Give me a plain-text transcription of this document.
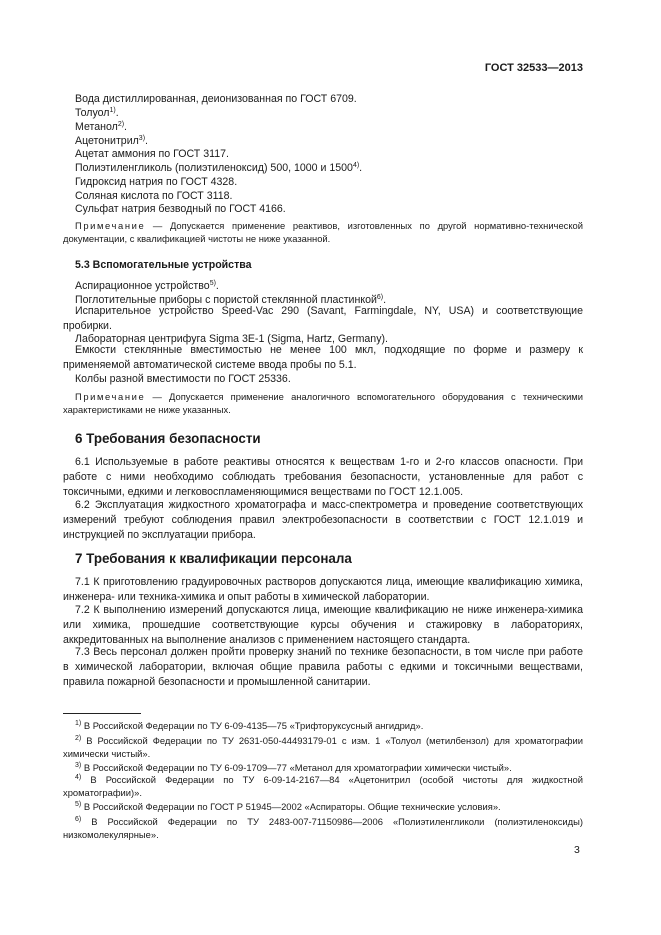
ГОСТ 32533—2013
Вода дистиллированная, деионизованная по ГОСТ 6709.
Толуол$^{1)}$.
Метанол$^{2)}$.
Ацетонитрил$^{3)}$.
Ацетат аммония по ГОСТ 3117.
Полиэтиленгликоль (полиэтиленоксид) 500, 1000 и 1500$^{4)}$.
Гидроксид натрия по ГОСТ 4328.
Соляная кислота по ГОСТ 3118.
Сульфат натрия безводный по ГОСТ 4166.
Примечание — Допускается применение реактивов, изготовленных по другой нормативно-технической документации, с квалификацией чистоты не ниже указанной.
5.3 Вспомогательные устройства
Аспирационное устройство$^{5)}$.
Поглотительные приборы с пористой стеклянной пластинкой$^{6)}$.
Испарительное устройство Speed-Vac 290 (Savant, Farmingdale, NY, USA) и соответствующие пробирки.
Лабораторная центрифуга Sigma 3E-1 (Sigma, Hartz, Germany).
Емкости стеклянные вместимостью не менее 100 мкл, подходящие по форме и размеру к применяемой автоматической системе ввода пробы по 5.1.
Колбы разной вместимости по ГОСТ 25336.
Примечание — Допускается применение аналогичного вспомогательного оборудования с техническими характеристиками не ниже указанных.
6 Требования безопасности
6.1 Используемые в работе реактивы относятся к веществам 1-го и 2-го классов опасности. При работе с ними необходимо соблюдать требования безопасности, установленные для работ с токсичными, едкими и легковоспламеняющимися веществами по ГОСТ 12.1.005.
6.2 Эксплуатация жидкостного хроматографа и масс-спектрометра и проведение соответствующих измерений требуют соблюдения правил электробезопасности в соответствии с ГОСТ 12.1.019 и инструкцией по эксплуатации прибора.
7 Требования к квалификации персонала
7.1 К приготовлению градуировочных растворов допускаются лица, имеющие квалификацию химика, инженера- или техника-химика и опыт работы в химической лаборатории.
7.2 К выполнению измерений допускаются лица, имеющие квалификацию не ниже инженера-химика или химика, прошедшие соответствующие курсы обучения и стажировку в лабораториях, аккредитованных на выполнение анализов с применением настоящего стандарта.
7.3 Весь персонал должен пройти проверку знаний по технике безопасности, в том числе при работе в химической лаборатории, включая общие правила работы с едкими и токсичными веществами, правила пожарной безопасности и промышленной санитарии.
$^{1)}$ В Российской Федерации по ТУ 6-09-4135—75 «Трифторуксусный ангидрид».
$^{2)}$ В Российской Федерации по ТУ 2631-050-44493179-01 с изм. 1 «Толуол (метилбензол) для хроматографии химически чистый».
$^{3)}$ В Российской Федерации по ТУ 6-09-1709—77 «Метанол для хроматографии химически чистый».
$^{4)}$ В Российской Федерации по ТУ 6-09-14-2167—84 «Ацетонитрил (особой чистоты для жидкостной хроматографии)».
$^{5)}$ В Российской Федерации по ГОСТ Р 51945—2002 «Аспираторы. Общие технические условия».
$^{6)}$ В Российской Федерации по ТУ 2483-007-71150986—2006 «Полиэтиленгликоли (полиэтиленоксиды) низкомолекулярные».
3
